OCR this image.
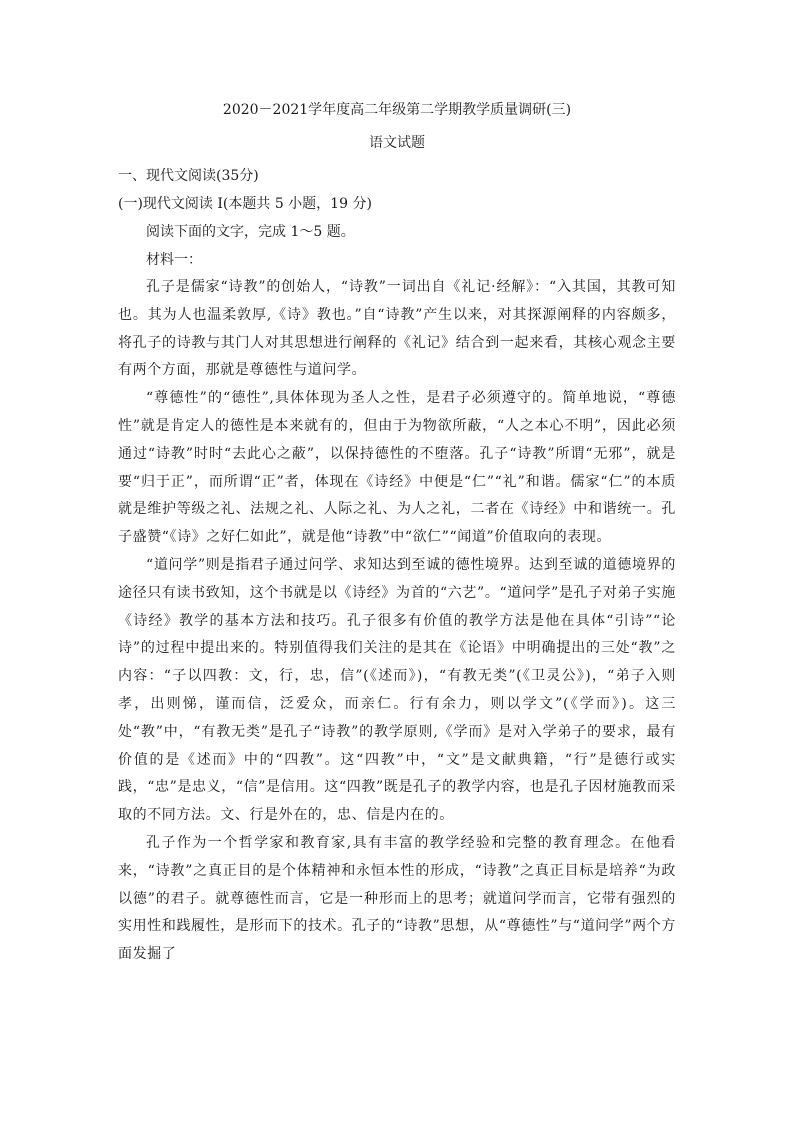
2020－2021学年度高二年级第二学期教学质量调研(三)
语文试题
一、现代文阅读(35分)
(一)现代文阅读 I(本题共 5 小题，19 分)
阅读下面的文字，完成 1～5 题。
材料一：

孔子是儒家“诗教”的创始人，“诗教”一词出自《礼记·经解》：“入其国，其教可知也。其为人也温柔敦厚,《诗》教也。”自“诗教”产生以来，对其探源阐释的内容颇多，将孔子的诗教与其门人对其思想进行阐释的《礼记》结合到一起来看，其核心观念主要有两个方面，那就是尊德性与道问学。

“尊德性”的“德性”,具体体现为圣人之性，是君子必须遵守的。简单地说，“尊德性”就是肯定人的德性是本来就有的，但由于为物欲所蔽，“人之本心不明”，因此必须通过“诗教”时时“去此心之蔽”，以保持德性的不堕落。孔子“诗教”所谓“无邪”，就是要“归于正”，而所谓“正”者，体现在《诗经》中便是“仁”“礼”和谐。儒家“仁”的本质就是维护等级之礼、法规之礼、人际之礼、为人之礼，二者在《诗经》中和谐统一。孔子盛赞“《诗》之好仁如此”，就是他“诗教”中“欲仁”“闻道”价值取向的表现。

“道问学”则是指君子通过问学、求知达到至诚的德性境界。达到至诚的道德境界的途径只有读书致知，这个书就是以《诗经》为首的“六艺”。“道问学”是孔子对弟子实施《诗经》教学的基本方法和技巧。孔子很多有价值的教学方法是他在具体“引诗”“论诗”的过程中提出来的。特别值得我们关注的是其在《论语》中明确提出的三处“教”之内容：“子以四教：文，行，忠，信”(《述而》)，“有教无类”(《卫灵公》)，“弟子入则孝，出则悌，谨而信，泛爱众，而亲仁。行有余力，则以学文”(《学而》)。这三处“教”中，“有教无类”是孔子“诗教”的教学原则,《学而》是对入学弟子的要求，最有价值的是《述而》中的“四教”。这“四教”中，“文”是文献典籍，“行”是德行或实践，“忠”是忠义，“信”是信用。这“四教”既是孔子的教学内容，也是孔子因材施教而采取的不同方法。文、行是外在的，忠、信是内在的。

孔子作为一个哲学家和教育家,具有丰富的教学经验和完整的教育理念。在他看来，“诗教”之真正目的是个体精神和永恒本性的形成，“诗教”之真正目标是培养“为政以德”的君子。就尊德性而言，它是一种形而上的思考；就道问学而言，它带有强烈的实用性和践履性，是形而下的技术。孔子的“诗教”思想，从“尊德性”与“道问学”两个方面发掘了
